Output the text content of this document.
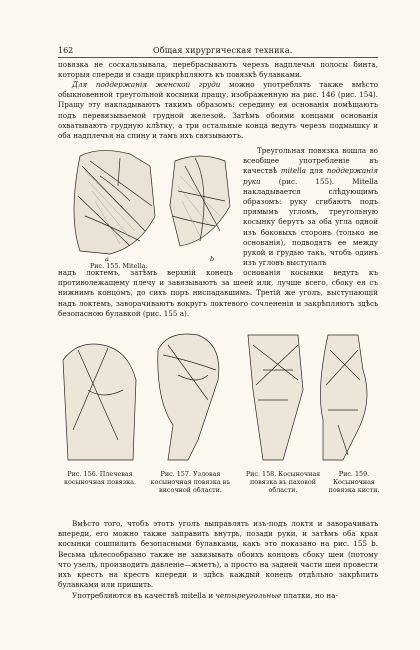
162	Общая хирургическая техника.

повязка не соскальзывала, перебрасываютъ черезъ надплечья полосы бинта, которыя спереди и сзади прикрѣпляютъ къ повязкѣ булавками.

Для поддержанія женской груди можно употреблять также вмѣсто обыкновенной треугольной косынки пращу, изображенную на рис. 146 (рис. 154). Пращу эту накладываютъ такимъ образомъ: середину ея основанія помѣщаютъ подъ перевязываемой грудной железой. Затѣмъ обоими концами основанія охватываютъ грудную клѣтку, а три остальные конца ведутъ черезъ подмышку и оба надплечья на спину и тамъ ихъ связываютъ.

a	b
Рис. 155. Mitella.

Треугольная повязка вошла во всеобщее употребленіе въ качествѣ mitella для поддержанія руки (рис. 155). Mitella накладывается слѣдующимъ образомъ: руку сгибаютъ подъ прямымъ угломъ, треугольную косынку берутъ за оба угла одной изъ боковыхъ сторонъ (только не основанія), подводятъ ее между рукой и грудью такъ, чтобъ одинъ изъ угловъ выступалъ

надъ локтемъ, затѣмъ верхній конецъ основанія косынки ведутъ къ противолежащему плечу и завязываютъ за шеей или, лучше всего, сбоку ея съ нижнимъ концомъ, до сихъ поръ ниспадавшимъ. Третій же уголъ, выступающій надъ локтемъ, заворачиваютъ вокругъ локтевого сочлененія и закрѣпляютъ здѣсь безопасною булавкой (рис. 155 a).

Рис. 156. Плечевая косыночная повязка.
Рис. 157. Узловая косыночная повязка въ височной области.
Рис. 158. Косыночная повязка въ паховой области.
Рис. 159. Косыночная повязка кисти.

Вмѣсто того, чтобъ этотъ уголъ выправлять изъ-подъ локтя и заворачивать впереди, его можно также заправить внутрь, позади руки, и затѣмъ оба края косынки сошпилить безопасными булавками, какъ это показано на рис. 155 b. Весьма цѣлесообразно также не завязывать обоихъ концовъ сбоку шеи (потому что узелъ, производитъ давленіе—жметъ), а просто на задней части шеи провести ихъ крестъ на крестъ кпереди и здѣсь каждый конецъ отдѣльно закрѣпить булавками или пришить.

Употребляются въ качествѣ mitella и четыреугольные платки, но на-
